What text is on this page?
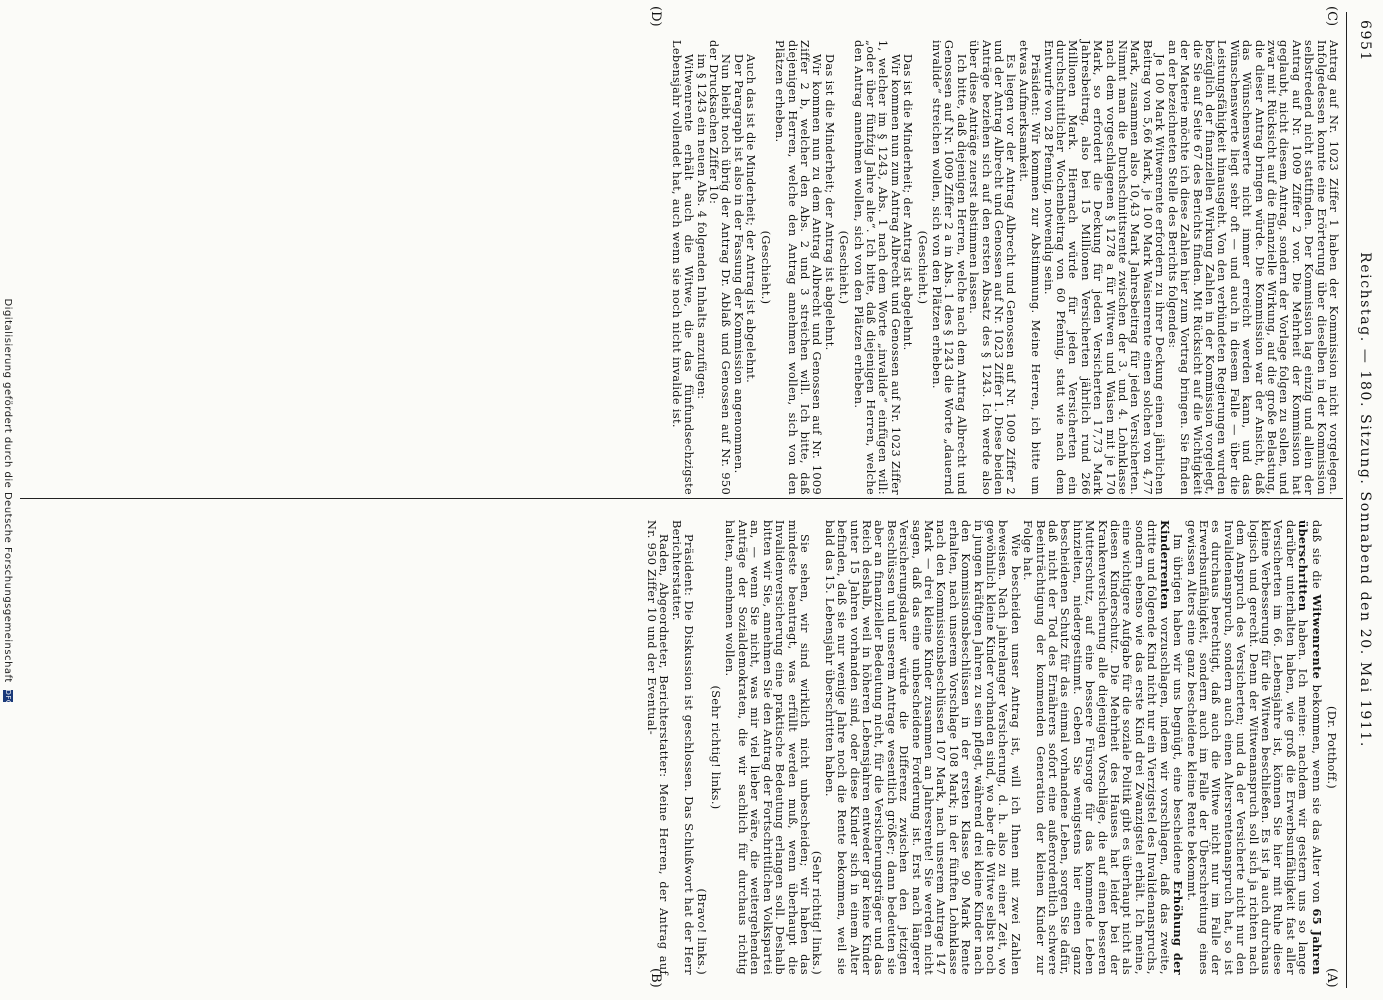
6951
Reichstag. — 180. Sitzung. Sonnabend den 20. Mai 1911.
(C)
(D)
(A)
(B)

Antrag auf Nr. 1023 Ziffer 1 haben der Kommission nicht vorgelegen. Infolgedessen konnte eine Erörterung über dieselben in der Kommission selbstredend nicht stattfinden. Der Kommission lag einzig und allein der Antrag auf Nr. 1009 Ziffer 2 vor. Die Mehrheit der Kommission hat geglaubt, nicht diesem Antrag, sondern der Vorlage folgen zu sollen, und zwar mit Rücksicht auf die finanzielle Wirkung, auf die große Belastung, die dieser Antrag bringen würde. Die Kommission war der Ansicht, daß das Wünschenswerte nicht immer erreicht werden kann, und das Wünschenswerte liegt sehr oft — und auch in diesem Falle — über die Leistungsfähigkeit hinausgeht. Von den verbündeten Regierungen wurden bezüglich der finanziellen Wirkung Zahlen in der Kommission vorgelegt, die Sie auf Seite 67 des Berichts finden. Mit Rücksicht auf die Wichtigkeit der Materie möchte ich diese Zahlen hier zum Vortrag bringen. Sie finden an der bezeichneten Stelle des Berichts folgendes:

Je 100 Mark Witwenrente erfordern zu ihrer Deckung einen jährlichen Beitrag von 5,66 Mark, je 100 Mark Waisenrente einen solchen von 4,77 Mark, zusammen also 10,43 Mark Jahresbeitrag für jeden Versicherten. Nimmt man die Durchschnittsrente zwischen der 3. und 4. Lohnklasse nach dem vorgeschlagenen § 1278 a für Witwen und Waisen mit je 170 Mark, so erfordert die Deckung für jeden Versicherten 17,73 Mark Jahresbeitrag, also bei 15 Millionen Versicherten jährlich rund 266 Millionen Mark. Hiernach würde für jeden Versicherten ein durchschnittlicher Wochenbeitrag von 60 Pfennig, statt wie nach dem Entwurfe von 28 Pfennig, notwendig sein.

Präsident: Wir kommen zur Abstimmung. Meine Herren, ich bitte um etwas Aufmerksamkeit.

Es liegen vor der Antrag Albrecht und Genossen auf Nr. 1009 Ziffer 2 und der Antrag Albrecht und Genossen auf Nr. 1023 Ziffer 1. Diese beiden Anträge beziehen sich auf den ersten Absatz des § 1243. Ich werde also über diese Anträge zuerst abstimmen lassen.

Ich bitte, daß diejenigen Herren, welche nach dem Antrag Albrecht und Genossen auf Nr. 1009 Ziffer 2 a in Abs. 1 des § 1243 die Worte „dauernd invalide“ streichen wollen, sich von den Plätzen erheben.

(Geschieht.)

Das ist die Minderheit; der Antrag ist abgelehnt.

Wir kommen nun zum Antrag Albrecht und Genossen auf Nr. 1023 Ziffer 1, welcher im § 1243, Abs. 1 nach dem Worte „invalide“ einfügen will: „oder über fünfzig Jahre alte“. Ich bitte, daß diejenigen Herren, welche den Antrag annehmen wollen, sich von den Plätzen erheben.

(Geschieht.)

Das ist die Minderheit; der Antrag ist abgelehnt.

Wir kommen nun zu dem Antrag Albrecht und Genossen auf Nr. 1009 Ziffer 2 b, welcher den Abs. 2 und 3 streichen will. Ich bitte, daß diejenigen Herren, welche den Antrag annehmen wollen, sich von den Plätzen erheben.

(Geschieht.)

Auch das ist die Minderheit; der Antrag ist abgelehnt.

Der Paragraph ist also in der Fassung der Kommission angenommen.

Nun bleibt noch übrig der Antrag Dr. Ablaß und Genossen auf Nr. 950 der Drucksachen Ziffer 10:

im § 1243 ein neuen Abs. 4 folgenden Inhalts anzufügen:

Witwenrente erhält auch die Witwe, die das fünfundsechzigste Lebensjahr vollendet hat, auch wenn sie noch nicht invalide ist.

(Dr. Potthoff.)

daß sie die Witwenrente bekommen, wenn sie das Alter von 65 Jahren überschritten haben. Ich meine: nachdem wir gestern uns so lange darüber unterhalten haben, wie groß die Erwerbsunfähigkeit fast aller Versicherten im 66. Lebensjahre ist, können Sie hier mit Ruhe diese kleine Verbesserung für die Witwen beschließen. Es ist ja auch durchaus logisch und gerecht. Denn der Witwenanspruch soll sich ja richten nach dem Anspruch des Versicherten; und da der Versicherte nicht nur den Invalidenanspruch, sondern auch einen Altersrentenanspruch hat, so ist es durchaus berechtigt, daß auch die Witwe nicht nur im Falle der Erwerbsunfähigkeit, sondern auch im Falle der Überschreitung eines gewissen Alters eine ganz bescheidene kleine Rente bekommt.

Im übrigen haben wir uns begnügt, eine bescheidene Erhöhung der Kinderrenten vorzuschlagen, indem wir vorschlagen, daß das zweite, dritte und folgende Kind nicht nur ein Vierzigstel des Invalidenanspruchs, sondern ebenso wie das erste Kind drei Zwanzigstel erhält. Ich meine, eine wichtigere Aufgabe für die soziale Politik gibt es überhaupt nicht als diesen Kinderschutz. Die Mehrheit des Hauses hat leider bei der Krankenversicherung alle diejenigen Vorschläge, die auf einen besseren Mutterschutz, auf eine bessere Fürsorge für das kommende Leben hinzielten, niedergestimmt. Geben Sie wenigstens hier einen ganz bescheidenen Schutz für das einmal vorhandene Leben, sorgen Sie dafür, daß nicht der Tod des Ernährers sofort eine außerordentlich schwere Beeinträchtigung der kommenden Generation der kleinen Kinder zur Folge hat.

Wie bescheiden unser Antrag ist, will ich Ihnen mit zwei Zahlen beweisen. Nach jahrelanger Versicherung, d. h. also zu einer Zeit, wo gewöhnlich kleine Kinder vorhanden sind, wo aber die Witwe selbst noch in jungen kräftigen Jahren zu sein pflegt, während drei kleine Kinder nach den Kommissionsbeschlüssen in der ersten Klasse 90 Mark Rente erhalten, nach unserem Vorschlage 108 Mark; in der fünften Lohnklasse nach den Kommissionsbeschlüssen 107 Mark, nach unserem Antrage 147 Mark — drei kleine Kinder zusammen an Jahresrente! Sie werden nicht sagen, daß das eine unbescheidene Forderung ist. Erst nach längerer Versicherungsdauer würde die Differenz zwischen den jetzigen Beschlüssen und unserem Antrage wesentlich größer; dann bedeuten sie aber an finanzieller Bedeutung nicht, für die Versicherungsträger und das Reich deshalb, weil in höheren Lebensjahren entweder gar keine Kinder unter 15 Jahren vorhanden sind, oder diese Kinder sich in einem Alter befinden, daß sie nur wenige Jahre noch die Rente bekommen, weil sie bald das 15. Lebensjahr überschritten haben.

(Sehr richtig! links.)

Sie sehen, wir sind wirklich nicht unbescheiden; wir haben das mindeste beantragt, was erfüllt werden muß, wenn überhaupt die Invalidenversicherung eine praktische Bedeutung erlangen soll. Deshalb bitten wir Sie, annehmen Sie den Antrag der Fortschrittlichen Volkspartei an, — wenn Sie nicht, was mir viel lieber wäre, die weitergehenden Anträge der Sozialdemokraten, die wir sachlich für durchaus richtig halten, annehmen wollen.

(Sehr richtig! links.)
(Bravo! links.)

Präsident: Die Diskussion ist geschlossen. Das Schlußwort hat der Herr Berichterstatter.

Raden, Abgeordneter, Berichterstatter: Meine Herren, der Antrag auf Nr. 950 Ziffer 10 und der Eventual-

Digitalisierung gefördert durch die Deutsche Forschungsgemeinschaft DFG
